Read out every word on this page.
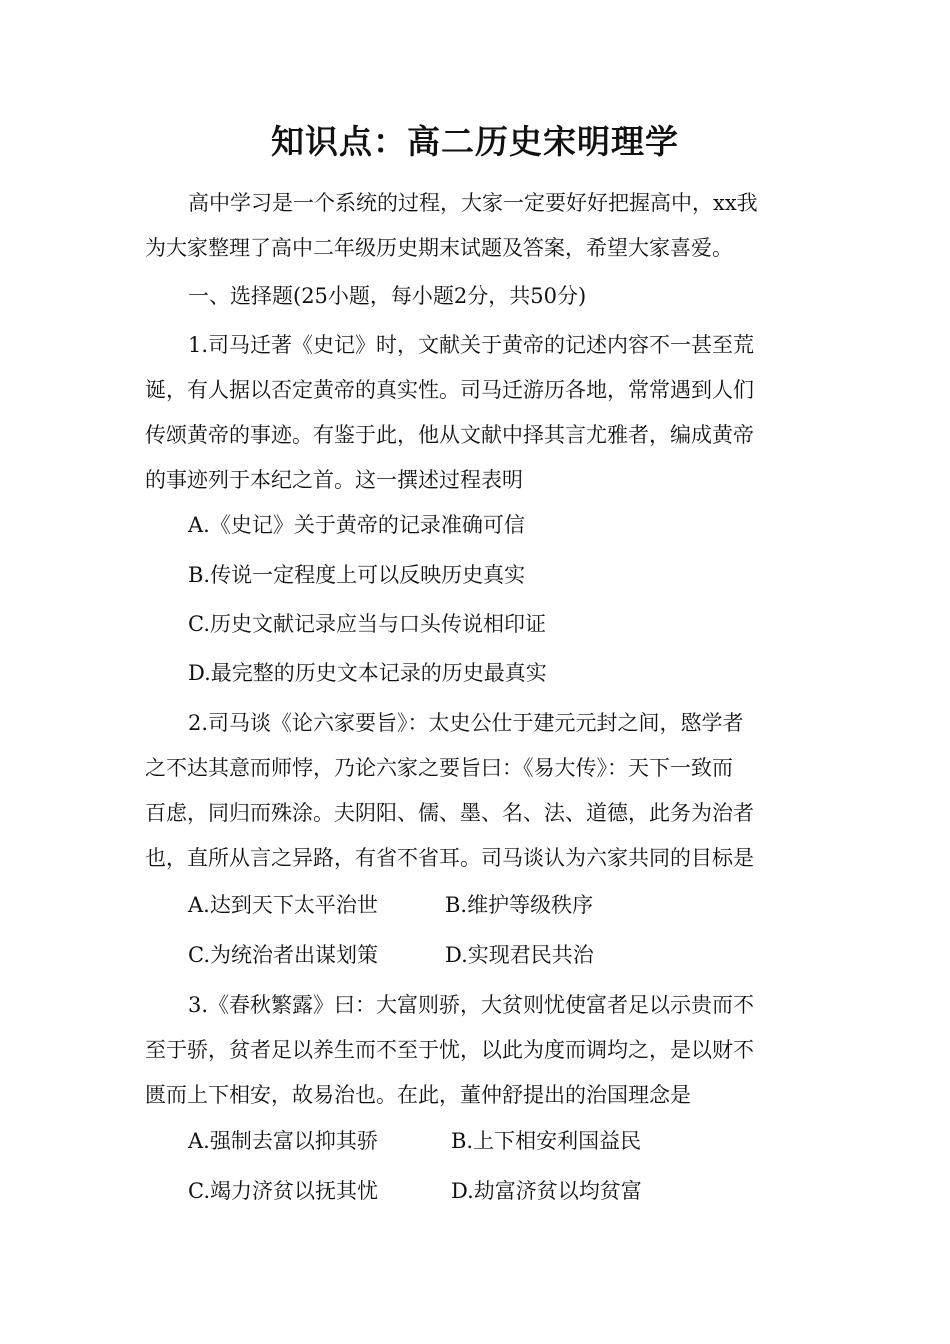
知识点：高二历史宋明理学
高中学习是一个系统的过程，大家一定要好好把握高中，xx我
为大家整理了高中二年级历史期末试题及答案，希望大家喜爱。
一、选择题(25小题，每小题2分，共50分)
1.司马迁著《史记》时，文献关于黄帝的记述内容不一甚至荒
诞，有人据以否定黄帝的真实性。司马迁游历各地，常常遇到人们
传颂黄帝的事迹。有鉴于此，他从文献中择其言尤雅者，编成黄帝
的事迹列于本纪之首。这一撰述过程表明
A.《史记》关于黄帝的记录准确可信
B.传说一定程度上可以反映历史真实
C.历史文献记录应当与口头传说相印证
D.最完整的历史文本记录的历史最真实
2.司马谈《论六家要旨》：太史公仕于建元元封之间，愍学者
之不达其意而师悖，乃论六家之要旨曰：《易大传》：天下一致而
百虑，同归而殊涂。夫阴阳、儒、墨、名、法、道德，此务为治者
也，直所从言之异路，有省不省耳。司马谈认为六家共同的目标是
A.达到天下太平治世	B.维护等级秩序
C.为统治者出谋划策	D.实现君民共治
3.《春秋繁露》曰：大富则骄，大贫则忧使富者足以示贵而不
至于骄，贫者足以养生而不至于忧，以此为度而调均之，是以财不
匮而上下相安，故易治也。在此，董仲舒提出的治国理念是
A.强制去富以抑其骄	B.上下相安利国益民
C.竭力济贫以抚其忧	D.劫富济贫以均贫富
